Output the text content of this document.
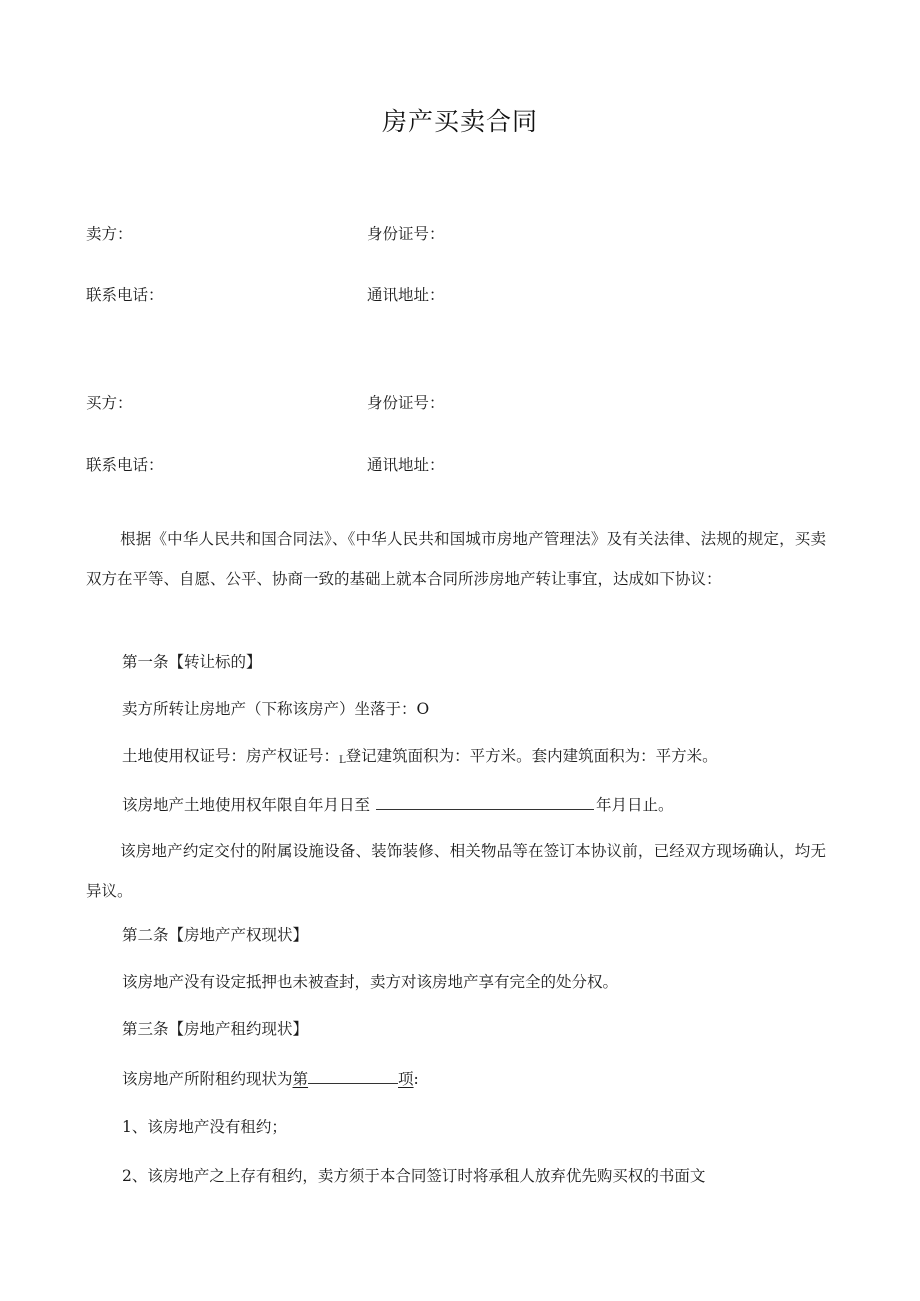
房产买卖合同
卖方：	身份证号：
联系电话：	通讯地址：
买方：	身份证号：
联系电话：	通讯地址：
根据《中华人民共和国合同法》、《中华人民共和国城市房地产管理法》及有关法律、法规的规定，买卖双方在平等、自愿、公平、协商一致的基础上就本合同所涉房地产转让事宜，达成如下协议：
第一条【转让标的】
卖方所转让房地产（下称该房产）坐落于：O
土地使用权证号：房产权证号：L登记建筑面积为：平方米。套内建筑面积为：平方米。
该房地产土地使用权年限自年月日至	年月日止。
该房地产约定交付的附属设施设备、装饰装修、相关物品等在签订本协议前，已经双方现场确认，均无异议。
第二条【房地产产权现状】
该房地产没有设定抵押也未被查封，卖方对该房地产享有完全的处分权。
第三条【房地产租约现状】
该房地产所附租约现状为第	项:
1、该房地产没有租约；
2、该房地产之上存有租约，卖方须于本合同签订时将承租人放弃优先购买权的书面文
